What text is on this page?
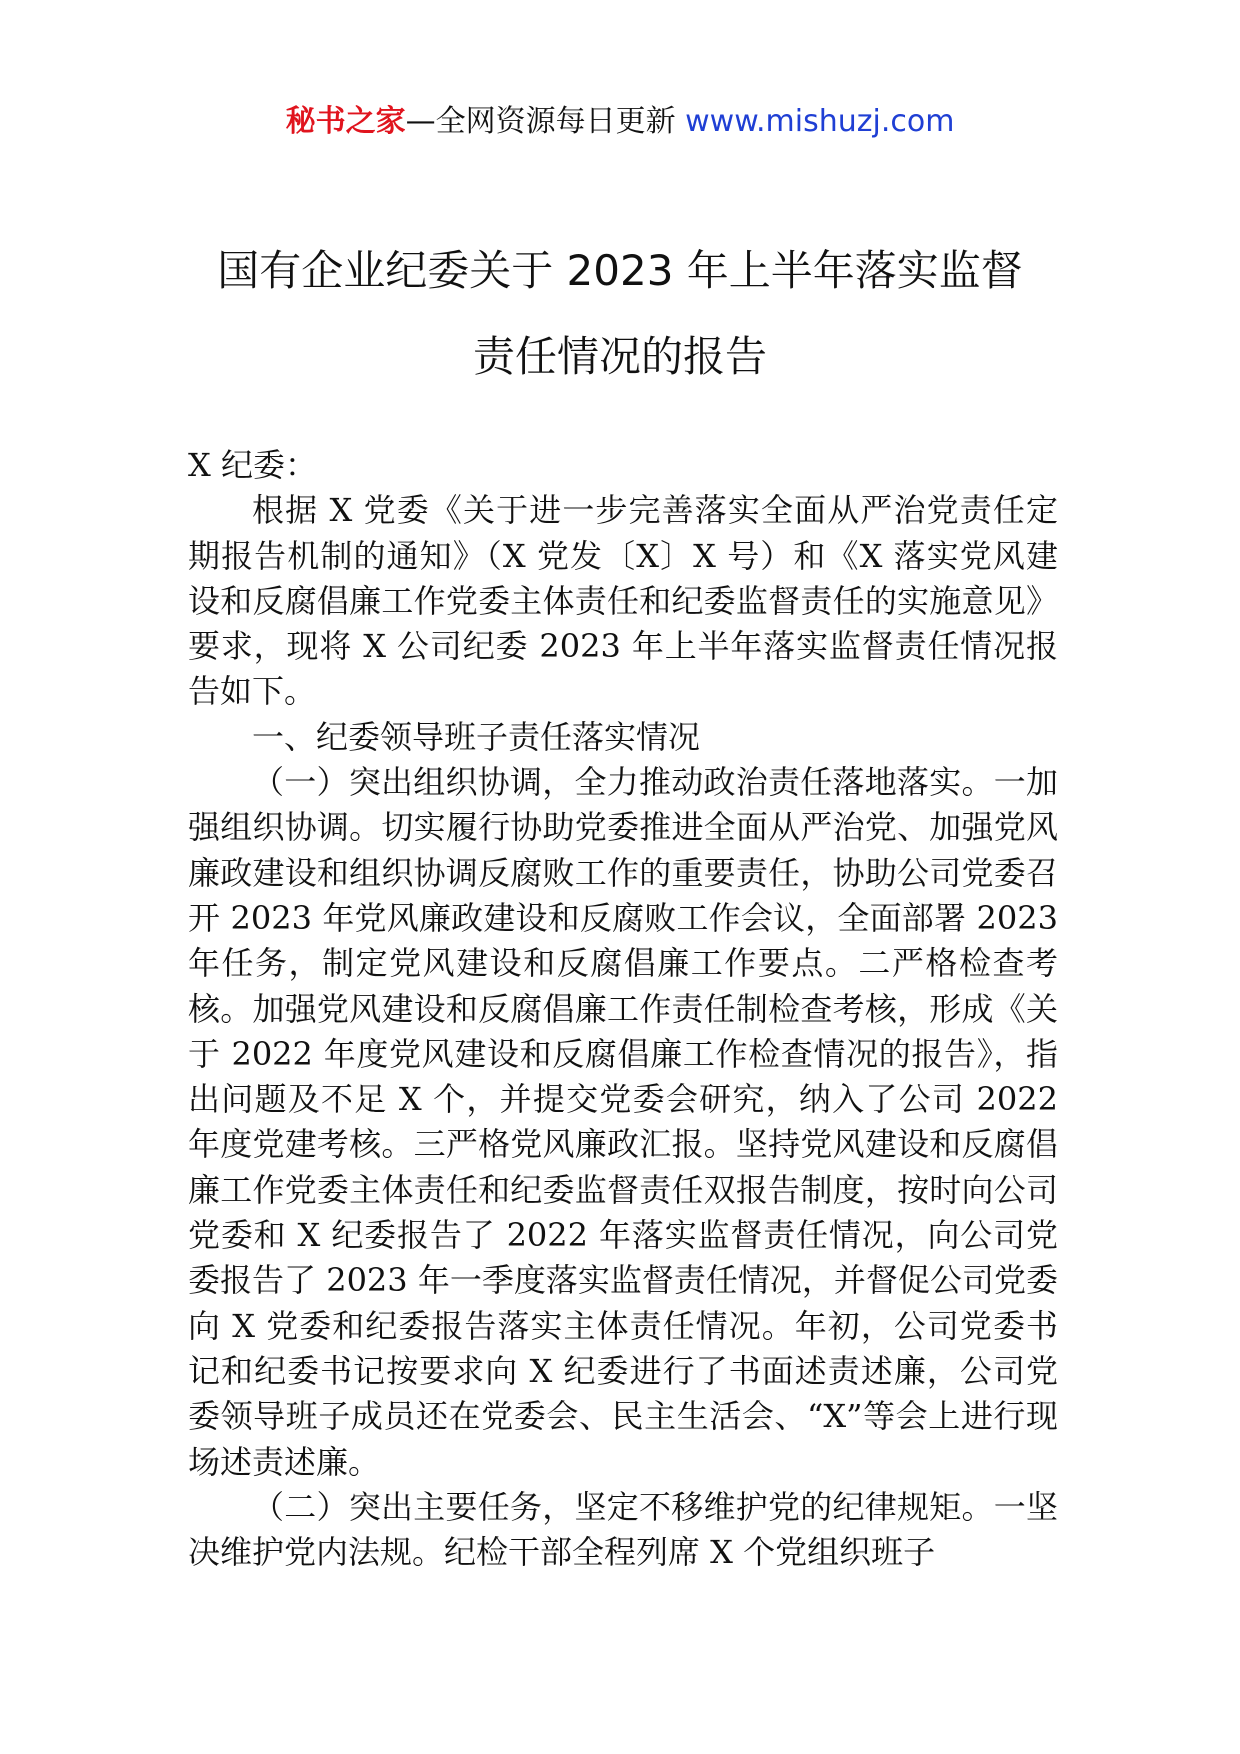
秘书之家—全网资源每日更新 www.mishuzj.com
国有企业纪委关于 2023 年上半年落实监督
责任情况的报告

X 纪委：

根据 X 党委《关于进一步完善落实全面从严治党责任定期报告机制的通知》（X 党发〔X〕X 号）和《X 落实党风建设和反腐倡廉工作党委主体责任和纪委监督责任的实施意见》要求，现将 X 公司纪委 2023 年上半年落实监督责任情况报告如下。

一、纪委领导班子责任落实情况

（一）突出组织协调，全力推动政治责任落地落实。一加强组织协调。切实履行协助党委推进全面从严治党、加强党风廉政建设和组织协调反腐败工作的重要责任，协助公司党委召开 2023 年党风廉政建设和反腐败工作会议，全面部署 2023 年任务，制定党风建设和反腐倡廉工作要点。二严格检查考核。加强党风建设和反腐倡廉工作责任制检查考核，形成《关于 2022 年度党风建设和反腐倡廉工作检查情况的报告》，指出问题及不足 X 个，并提交党委会研究，纳入了公司 2022 年度党建考核。三严格党风廉政汇报。坚持党风建设和反腐倡廉工作党委主体责任和纪委监督责任双报告制度，按时向公司党委和 X 纪委报告了 2022 年落实监督责任情况，向公司党委报告了 2023 年一季度落实监督责任情况，并督促公司党委向 X 党委和纪委报告落实主体责任情况。年初，公司党委书记和纪委书记按要求向 X 纪委进行了书面述责述廉，公司党委领导班子成员还在党委会、民主生活会、“X”等会上进行现场述责述廉。

（二）突出主要任务，坚定不移维护党的纪律规矩。一坚决维护党内法规。纪检干部全程列席 X 个党组织班子
